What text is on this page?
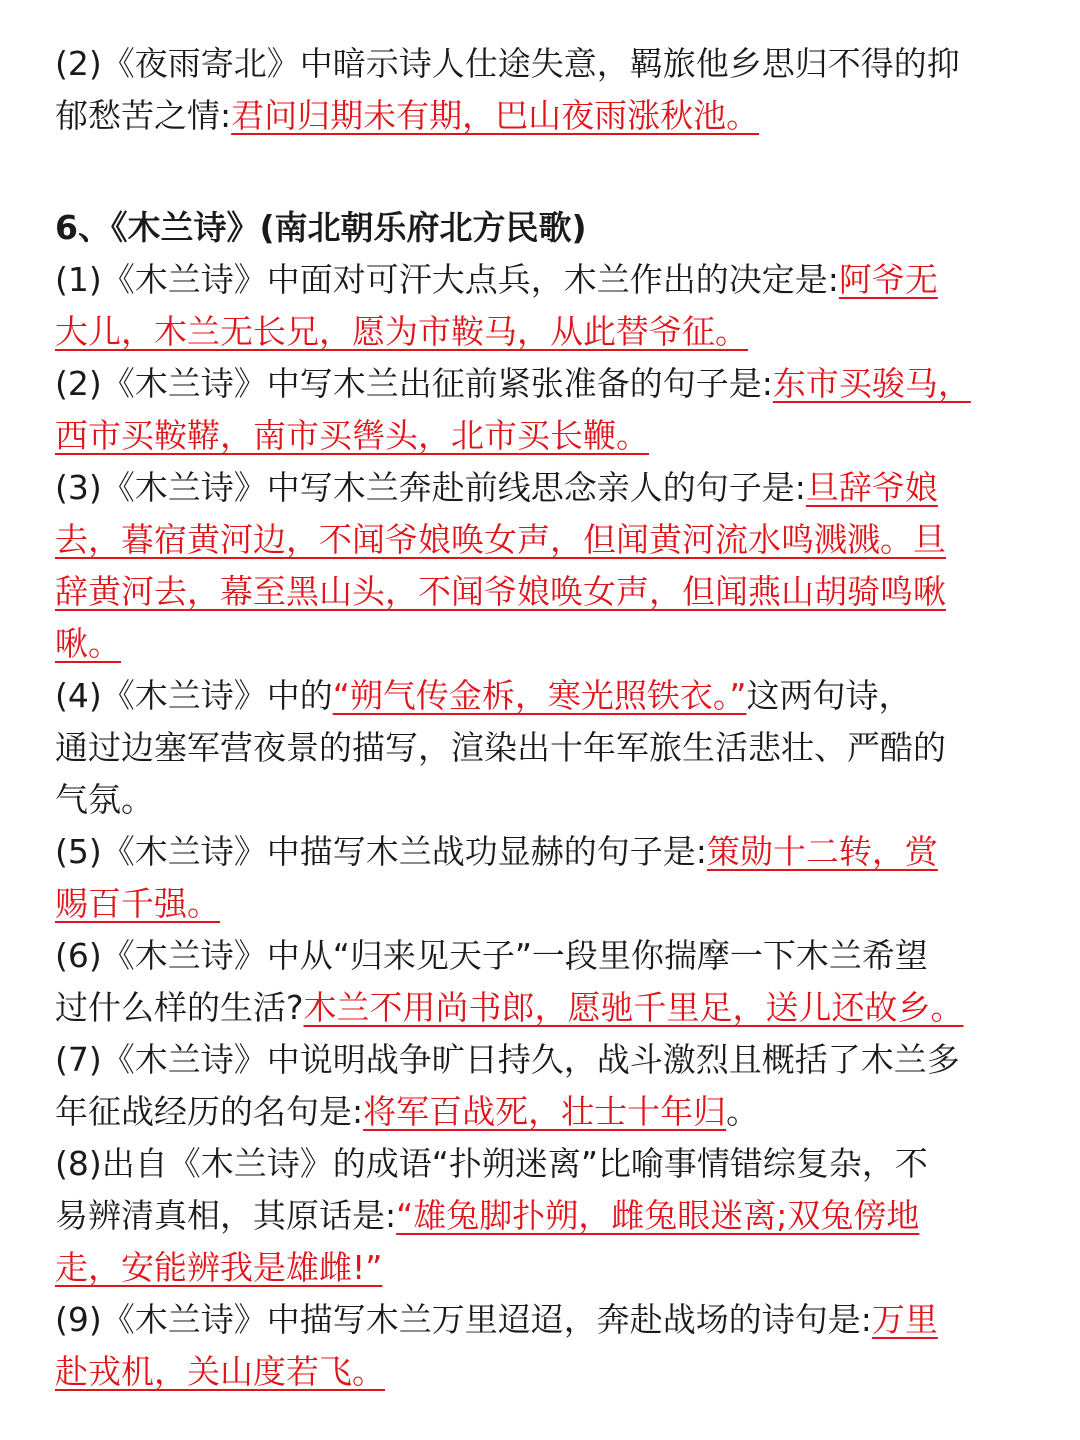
(2)《夜雨寄北》中暗示诗人仕途失意，羁旅他乡思归不得的抑
郁愁苦之情:君问归期未有期，巴山夜雨涨秋池。
6、《木兰诗》(南北朝乐府北方民歌)
(1)《木兰诗》中面对可汗大点兵，木兰作出的决定是:阿爷无
大儿，木兰无长兄，愿为市鞍马，从此替爷征。
(2)《木兰诗》中写木兰出征前紧张准备的句子是:东市买骏马，
西市买鞍鞯，南市买辔头，北市买长鞭。
(3)《木兰诗》中写木兰奔赴前线思念亲人的句子是:旦辞爷娘
去，暮宿黄河边，不闻爷娘唤女声，但闻黄河流水鸣溅溅。旦
辞黄河去，幕至黑山头，不闻爷娘唤女声，但闻燕山胡骑鸣啾
啾。
(4)《木兰诗》中的“朔气传金柝，寒光照铁衣。”这两句诗，
通过边塞军营夜景的描写，渲染出十年军旅生活悲壮、严酷的
气氛。
(5)《木兰诗》中描写木兰战功显赫的句子是:策勋十二转，赏
赐百千强。
(6)《木兰诗》中从“归来见天子”一段里你揣摩一下木兰希望
过什么样的生活?木兰不用尚书郎，愿驰千里足，送儿还故乡。
(7)《木兰诗》中说明战争旷日持久，战斗激烈且概括了木兰多
年征战经历的名句是:将军百战死，壮士十年归。
(8)出自《木兰诗》的成语“扑朔迷离”比喻事情错综复杂，不
易辨清真相，其原话是:“雄兔脚扑朔，雌兔眼迷离;双兔傍地
走，安能辨我是雄雌!”
(9)《木兰诗》中描写木兰万里迢迢，奔赴战场的诗句是:万里
赴戎机，关山度若飞。
